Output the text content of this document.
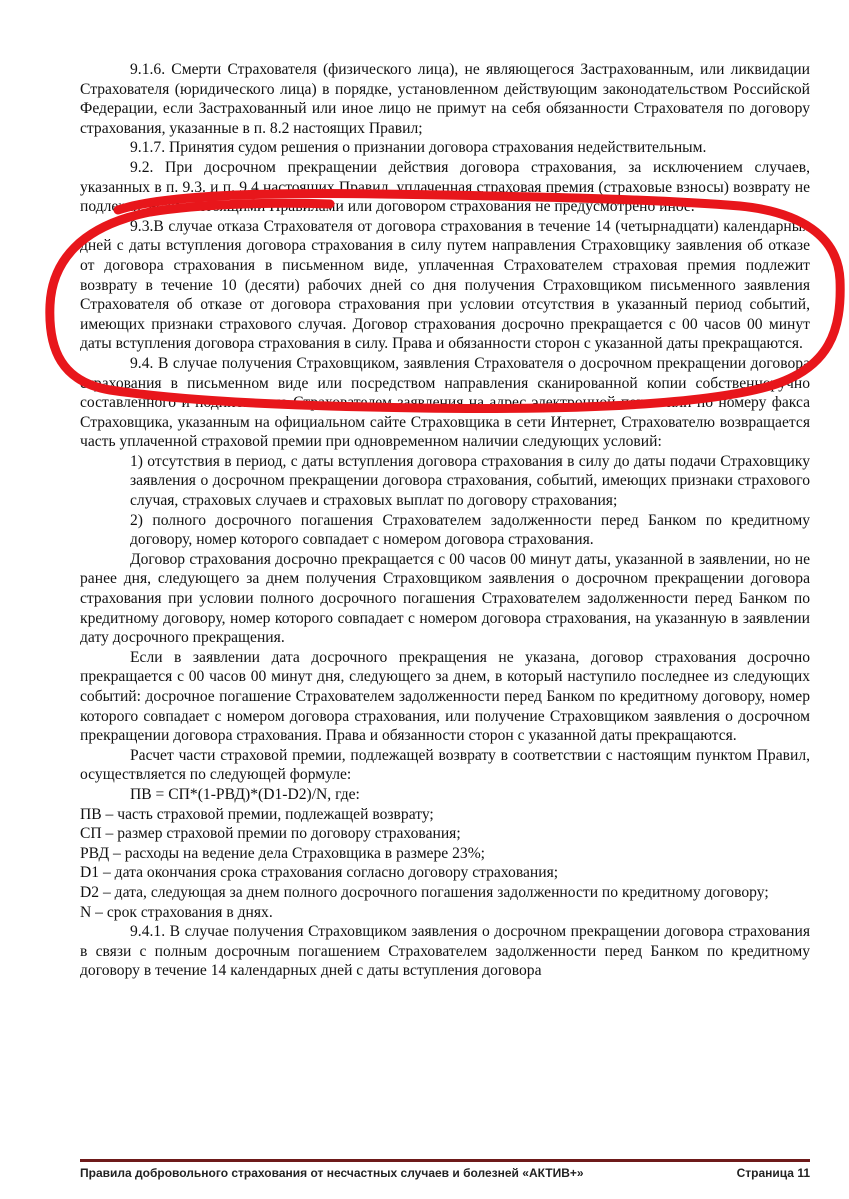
9.1.6. Смерти Страхователя (физического лица), не являющегося Застрахованным, или ликвидации Страхователя (юридического лица) в порядке, установленном действующим законодательством Российской Федерации, если Застрахованный или иное лицо не примут на себя обязанности Страхователя по договору страхования, указанные в п. 8.2 настоящих Правил;

9.1.7. Принятия судом решения о признании договора страхования недействительным.

9.2. При досрочном прекращении действия договора страхования, за исключением случаев, указанных в п. 9.3. и п. 9.4 настоящих Правил, уплаченная страховая премия (страховые взносы) возврату не подлежат, если настоящими Правилами или договором страхования не предусмотрено иное.

9.3.В случае отказа Страхователя от договора страхования в течение 14 (четырнадцати) календарных дней с даты вступления договора страхования в силу путем направления Страховщику заявления об отказе от договора страхования в письменном виде, уплаченная Страхователем страховая премия подлежит возврату в течение 10 (десяти) рабочих дней со дня получения Страховщиком письменного заявления Страхователя об отказе от договора страхования при условии отсутствия в указанный период событий, имеющих признаки страхового случая. Договор страхования досрочно прекращается с 00 часов 00 минут даты вступления договора страхования в силу. Права и обязанности сторон с указанной даты прекращаются.

9.4. В случае получения Страховщиком, заявления Страхователя о досрочном прекращении договора страхования в письменном виде или посредством направления сканированной копии собственноручно составленного и подписанного Страхователем заявления на адрес электронной почты или по номеру факса Страховщика, указанным на официальном сайте Страховщика в сети Интернет, Страхователю возвращается часть уплаченной страховой премии при одновременном наличии следующих условий:

1) отсутствия в период, с даты вступления договора страхования в силу до даты подачи Страховщику заявления о досрочном прекращении договора страхования, событий, имеющих признаки страхового случая, страховых случаев и страховых выплат по договору страхования;

2) полного досрочного погашения Страхователем задолженности перед Банком по кредитному договору, номер которого совпадает с номером договора страхования.

Договор страхования досрочно прекращается с 00 часов 00 минут даты, указанной в заявлении, но не ранее дня, следующего за днем получения Страховщиком заявления о досрочном прекращении договора страхования при условии полного досрочного погашения Страхователем задолженности перед Банком по кредитному договору, номер которого совпадает с номером договора страхования, на указанную в заявлении дату досрочного прекращения.

Если в заявлении дата досрочного прекращения не указана, договор страхования досрочно прекращается с 00 часов 00 минут дня, следующего за днем, в который наступило последнее из следующих событий: досрочное погашение Страхователем задолженности перед Банком по кредитному договору, номер которого совпадает с номером договора страхования, или получение Страховщиком заявления о досрочном прекращении договора страхования. Права и обязанности сторон с указанной даты прекращаются.

Расчет части страховой премии, подлежащей возврату в соответствии с настоящим пунктом Правил, осуществляется по следующей формуле:

ПВ = СП*(1-РВД)*(D1-D2)/N, где:

ПВ – часть страховой премии, подлежащей возврату;

СП – размер страховой премии по договору страхования;

РВД – расходы на ведение дела Страховщика в размере 23%;

D1 – дата окончания срока страхования согласно договору страхования;

D2 – дата, следующая за днем полного досрочного погашения задолженности по кредитному договору;

N – срок страхования в днях.

9.4.1. В случае получения Страховщиком заявления о досрочном прекращении договора страхования в связи с полным досрочным погашением Страхователем задолженности перед Банком по кредитному договору в течение 14 календарных дней с даты вступления договора

Правила добровольного страхования от несчастных случаев и болезней «АКТИВ+»	Страница 11
